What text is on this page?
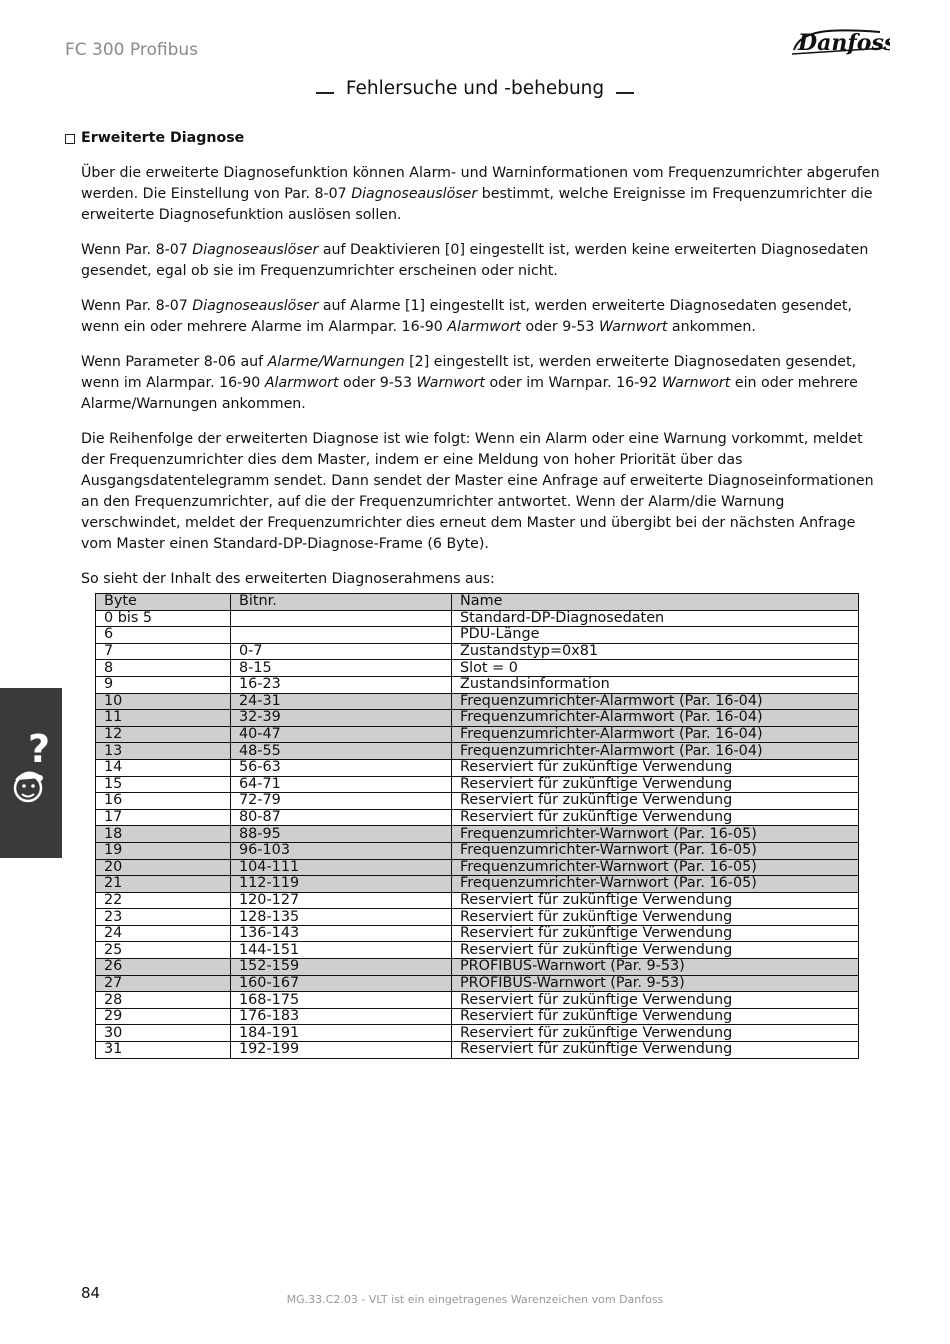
FC 300 Profibus	Danfoss
Fehlersuche und -behebung

Erweiterte Diagnose

Über die erweiterte Diagnosefunktion können Alarm- und Warninformationen vom Frequenzumrichter abgerufen werden. Die Einstellung von Par. 8-07 Diagnoseauslöser bestimmt, welche Ereignisse im Frequenzumrichter die erweiterte Diagnosefunktion auslösen sollen.

Wenn Par. 8-07 Diagnoseauslöser auf Deaktivieren [0] eingestellt ist, werden keine erweiterten Diagnosedaten gesendet, egal ob sie im Frequenzumrichter erscheinen oder nicht.

Wenn Par. 8-07 Diagnoseauslöser auf Alarme [1] eingestellt ist, werden erweiterte Diagnosedaten gesendet, wenn ein oder mehrere Alarme im Alarmpar. 16-90 Alarmwort oder 9-53 Warnwort ankommen.

Wenn Parameter 8-06 auf Alarme/Warnungen [2] eingestellt ist, werden erweiterte Diagnosedaten gesendet, wenn im Alarmpar. 16-90 Alarmwort oder 9-53 Warnwort oder im Warnpar. 16-92 Warnwort ein oder mehrere Alarme/Warnungen ankommen.

Die Reihenfolge der erweiterten Diagnose ist wie folgt: Wenn ein Alarm oder eine Warnung vorkommt, meldet der Frequenzumrichter dies dem Master, indem er eine Meldung von hoher Priorität über das Ausgangsdatentelegramm sendet. Dann sendet der Master eine Anfrage auf erweiterte Diagnoseinformationen an den Frequenzumrichter, auf die der Frequenzumrichter antwortet. Wenn der Alarm/die Warnung verschwindet, meldet der Frequenzumrichter dies erneut dem Master und übergibt bei der nächsten Anfrage vom Master einen Standard-DP-Diagnose-Frame (6 Byte).

So sieht der Inhalt des erweiterten Diagnoserahmens aus:

Byte	Bitnr.	Name
0 bis 5		Standard-DP-Diagnosedaten
6		PDU-Länge
7	0-7	Zustandstyp=0x81
8	8-15	Slot = 0
9	16-23	Zustandsinformation
10	24-31	Frequenzumrichter-Alarmwort (Par. 16-04)
11	32-39	Frequenzumrichter-Alarmwort (Par. 16-04)
12	40-47	Frequenzumrichter-Alarmwort (Par. 16-04)
13	48-55	Frequenzumrichter-Alarmwort (Par. 16-04)
14	56-63	Reserviert für zukünftige Verwendung
15	64-71	Reserviert für zukünftige Verwendung
16	72-79	Reserviert für zukünftige Verwendung
17	80-87	Reserviert für zukünftige Verwendung
18	88-95	Frequenzumrichter-Warnwort (Par. 16-05)
19	96-103	Frequenzumrichter-Warnwort (Par. 16-05)
20	104-111	Frequenzumrichter-Warnwort (Par. 16-05)
21	112-119	Frequenzumrichter-Warnwort (Par. 16-05)
22	120-127	Reserviert für zukünftige Verwendung
23	128-135	Reserviert für zukünftige Verwendung
24	136-143	Reserviert für zukünftige Verwendung
25	144-151	Reserviert für zukünftige Verwendung
26	152-159	PROFIBUS-Warnwort (Par. 9-53)
27	160-167	PROFIBUS-Warnwort (Par. 9-53)
28	168-175	Reserviert für zukünftige Verwendung
29	176-183	Reserviert für zukünftige Verwendung
30	184-191	Reserviert für zukünftige Verwendung
31	192-199	Reserviert für zukünftige Verwendung
?
84	MG.33.C2.03 - VLT ist ein eingetragenes Warenzeichen vom Danfoss
